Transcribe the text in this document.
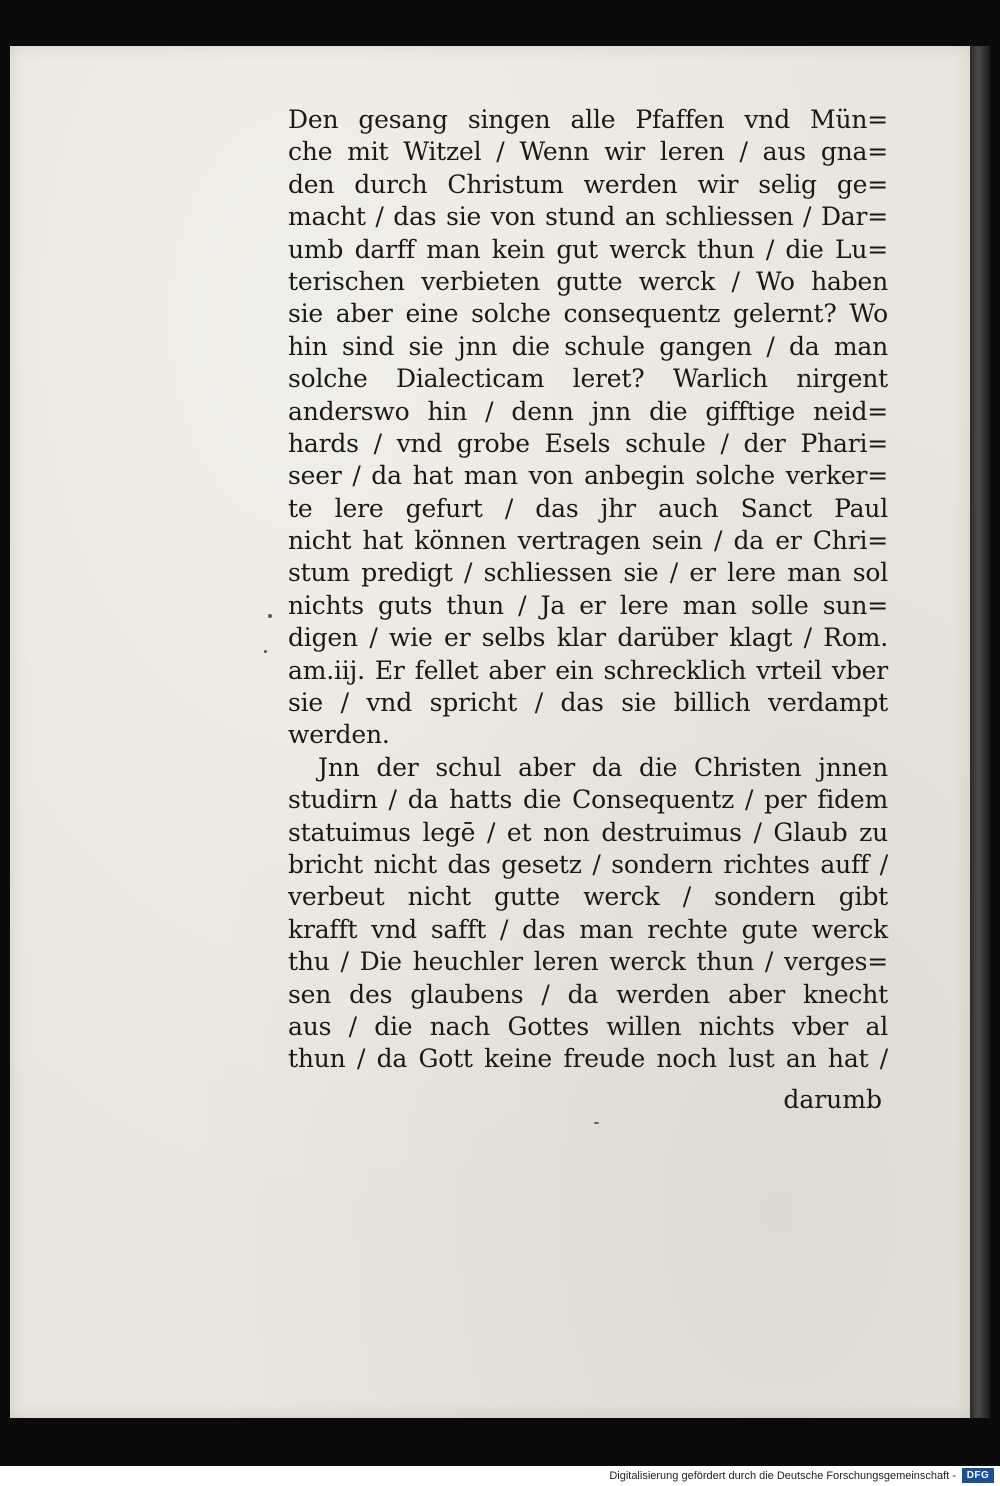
Den gesang singen alle Pfaffen vnd Mün=
che mit Witzel / Wenn wir leren / aus gna=
den durch Christum werden wir selig ge=
macht / das sie von stund an schliessen / Dar=
umb darff man kein gut werck thun / die Lu=
terischen verbieten gutte werck / Wo haben
sie aber eine solche consequentz gelernt? Wo
hin sind sie jnn die schule gangen / da man
solche Dialecticam leret? Warlich nirgent
anderswo hin / denn jnn die gifftige neid=
hards / vnd grobe Esels schule / der Phari=
seer / da hat man von anbegin solche verker=
te lere gefurt / das jhr auch Sanct Paul
nicht hat können vertragen sein / da er Chri=
stum predigt / schliessen sie / er lere man sol
nichts guts thun / Ja er lere man solle sun=
digen / wie er selbs klar darüber klagt / Rom.
am.iij. Er fellet aber ein schrecklich vrteil vber
sie / vnd spricht / das sie billich verdampt
werden.
Jnn der schul aber da die Christen jnnen
studirn / da hatts die Consequentz / per fidem
statuimus legē / et non destruimus / Glaub zu
bricht nicht das gesetz / sondern richtes auff /
verbeut nicht gutte werck / sondern gibt
krafft vnd safft / das man rechte gute werck
thu / Die heuchler leren werck thun / verges=
sen des glaubens / da werden aber knecht
aus / die nach Gottes willen nichts vber al
thun / da Gott keine freude noch lust an hat /
darumb
Digitalisierung gefördert durch die Deutsche Forschungsgemeinschaft -	DFG
